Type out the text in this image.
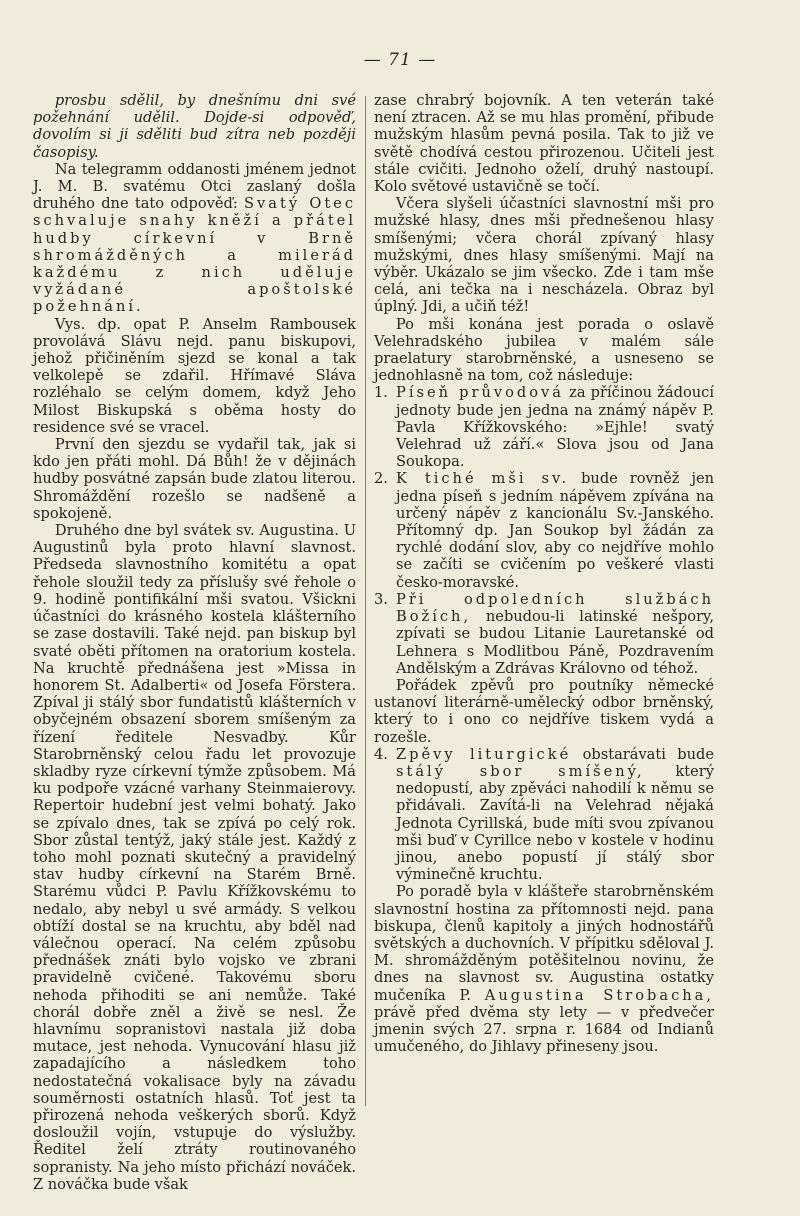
— 71 —

prosbu sdělil, by dnešnímu dni své požehnání udělil. Dojde-si odpověď, dovolím si ji sděliti bud zítra neb později časopisy.

Na telegramm oddanosti jménem jednot J. M. B. svatému Otci zaslaný došla druhého dne tato odpověď: Svatý Otec schvaluje snahy kněží a přátel hudby církevní v Brně shromážděných a milerád každému z nich uděluje vyžádané apoštolské požehnání.

Vys. dp. opat P. Anselm Rambousek provolává Slávu nejd. panu biskupovi, jehož přičiněním sjezd se konal a tak velkolepě se zdařil. Hřímavé Sláva rozléhalo se celým domem, když Jeho Milost Biskupská s oběma hosty do residence své se vracel.

První den sjezdu se vydařil tak, jak si kdo jen přáti mohl. Dá Bůh! že v dějinách hudby posvátné zapsán bude zlatou literou. Shromáždění rozešlo se nadšeně a spokojeně.

Druhého dne byl svátek sv. Augustina. U Augustinů byla proto hlavní slavnost. Předseda slavnostního komitétu a opat řehole sloužil tedy za příslušy své řehole o 9. hodině pontifikální mši svatou. Všickni účastníci do krásného kostela klášterního se zase dostavili. Také nejd. pan biskup byl svaté oběti přítomen na oratorium kostela. Na kruchtě přednášena jest »Missa in honorem St. Adalberti« od Josefa Förstera. Zpíval ji stálý sbor fundatistů klášterních v obyčejném obsazení sborem smíšeným za řízení ředitele Nesvadby. Kůr Starobrněnský celou řadu let provozuje skladby ryze církevní týmže způsobem. Má ku podpoře vzácné varhany Steinmaierovy. Repertoir hudební jest velmi bohatý. Jako se zpívalo dnes, tak se zpívá po celý rok. Sbor zůstal tentýž, jaký stále jest. Každý z toho mohl poznati skutečný a pravidelný stav hudby církevní na Starém Brně. Starému vůdci P. Pavlu Křížkovskému to nedalo, aby nebyl u své armády. S velkou obtíží dostal se na kruchtu, aby bděl nad válečnou operací. Na celém způsobu přednášek znáti bylo vojsko ve zbrani pravidelně cvičené. Takovému sboru nehoda přihoditi se ani nemůže. Také chorál dobře zněl a živě se nesl. Že hlavnímu sopranistovi nastala již doba mutace, jest nehoda. Vynucování hlasu již zapadajícího a následkem toho nedostatečná vokalisace byly na závadu souměrnosti ostatních hlasů. Toť jest ta přirozená nehoda veškerých sborů. Když dosloužil vojín, vstupuje do výslužby. Ředitel želí ztráty routinovaného sopranisty. Na jeho místo přichází nováček. Z nováčka bude však

zase chrabrý bojovník. A ten veterán také není ztracen. Až se mu hlas promění, přibude mužským hlasům pevná posila. Tak to již ve světě chodívá cestou přirozenou. Učiteli jest stále cvičiti. Jednoho oželí, druhý nastoupí. Kolo světové ustavičně se točí.

Včera slyšeli účastníci slavnostní mši pro mužské hlasy, dnes mši přednešenou hlasy smíšenými; včera chorál zpívaný hlasy mužskými, dnes hlasy smíšenými. Mají na výběr. Ukázalo se jim všecko. Zde i tam mše celá, ani tečka na i nescházela. Obraz byl úplný. Jdi, a učiň též!

Po mši konána jest porada o oslavě Velehradského jubilea v malém sále praelatury starobrněnské, a usneseno se jednohlasně na tom, což následuje:

1. Píseň průvodová za příčinou žádoucí jednoty bude jen jedna na známý nápěv P. Pavla Křížkovského: »Ejhle! svatý Velehrad už září.« Slova jsou od Jana Soukopa.
2. K tiché mši sv. bude rovněž jen jedna píseň s jedním nápěvem zpívána na určený nápěv z kancionálu Sv.-Janského. Přítomný dp. Jan Soukop byl žádán za rychlé dodání slov, aby co nejdříve mohlo se začíti se cvičením po veškeré vlasti česko-moravské.
3. Při odpoledních službách Božích, nebudou-li latinské nešpory, zpívati se budou Litanie Lauretanské od Lehnera s Modlitbou Páně, Pozdravením Andělským a Zdrávas Královno od téhož.

Pořádek zpěvů pro poutníky německé ustanoví literárně-umělecký odbor brněnský, který to i ono co nejdříve tiskem vydá a rozešle.

4. Zpěvy liturgické obstarávati bude stálý sbor smíšený, který nedopustí, aby zpěváci nahodilí k němu se přidávali. Zavítá-li na Velehrad nějaká Jednota Cyrillská, bude míti svou zpívanou mši buď v Cyrillce nebo v kostele v hodinu jinou, anebo popustí jí stálý sbor výminečně kruchtu.

Po poradě byla v klášteře starobrněnském slavnostní hostina za přítomnosti nejd. pana biskupa, členů kapitoly a jiných hodnostářů světských a duchovních. V přípitku sděloval J. M. shromážděným potěšitelnou novinu, že dnes na slavnost sv. Augustina ostatky mučeníka P. Augustina Strobacha, právě před dvěma sty lety — v předvečer jmenin svých 27. srpna r. 1684 od Indianů umučeného, do Jihlavy přineseny jsou.
